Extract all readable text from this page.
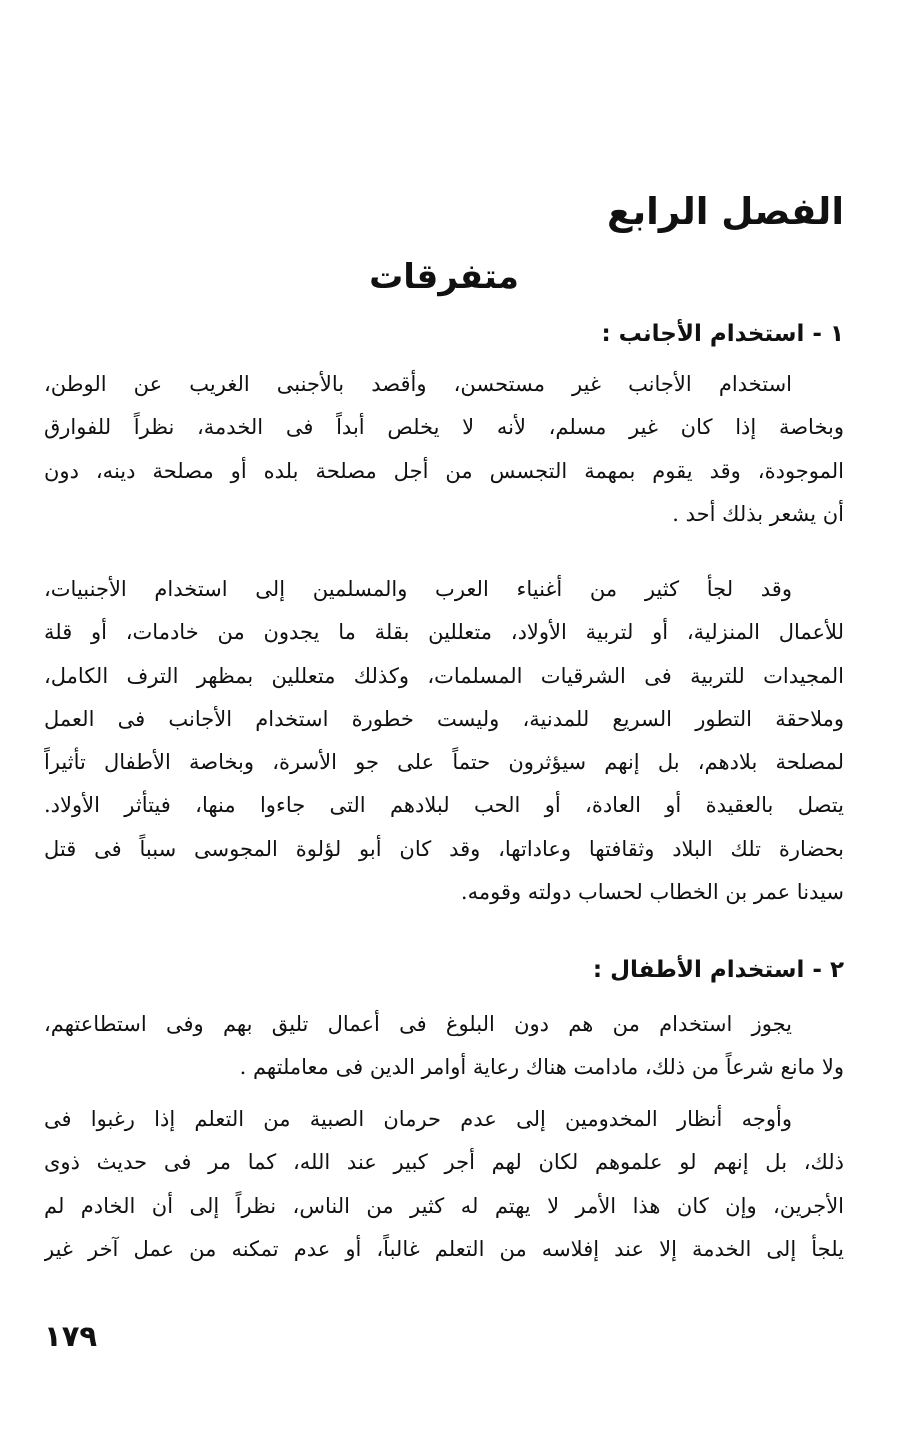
الفصل الرابع
متفرقات
١ - استخدام الأجانب :

استخدام الأجانب غير مستحسن، وأقصد بالأجنبى الغريب عن الوطن،
وبخاصة إذا كان غير مسلم، لأنه لا يخلص أبداً فى الخدمة، نظراً للفوارق
الموجودة، وقد يقوم بمهمة التجسس من أجل مصلحة بلده أو مصلحة دينه، دون
أن يشعر بذلك أحد .

وقد لجأ كثير من أغنياء العرب والمسلمين إلى استخدام الأجنبيات،
للأعمال المنزلية، أو لتربية الأولاد، متعللين بقلة ما يجدون من خادمات، أو قلة
المجيدات للتربية فى الشرقيات المسلمات، وكذلك متعللين بمظهر الترف الكامل،
وملاحقة التطور السريع للمدنية، وليست خطورة استخدام الأجانب فى العمل
لمصلحة بلادهم، بل إنهم سيؤثرون حتماً على جو الأسرة، وبخاصة الأطفال تأثيراً
يتصل بالعقيدة أو العادة، أو الحب لبلادهم التى جاءوا منها، فيتأثر الأولاد.
بحضارة تلك البلاد وثقافتها وعاداتها، وقد كان أبو لؤلوة المجوسى سبباً فى قتل
سيدنا عمر بن الخطاب لحساب دولته وقومه.

٢ - استخدام الأطفال :

يجوز استخدام من هم دون البلوغ فى أعمال تليق بهم وفى استطاعتهم،
ولا مانع شرعاً من ذلك، مادامت هناك رعاية أوامر الدين فى معاملتهم .

وأوجه أنظار المخدومين إلى عدم حرمان الصبية من التعلم إذا رغبوا فى
ذلك، بل إنهم لو علموهم لكان لهم أجر كبير عند الله، كما مر فى حديث ذوى
الأجرين، وإن كان هذا الأمر لا يهتم له كثير من الناس، نظراً إلى أن الخادم لم
يلجأ إلى الخدمة إلا عند إفلاسه من التعلم غالباً، أو عدم تمكنه من عمل آخر غير

١٧٩
